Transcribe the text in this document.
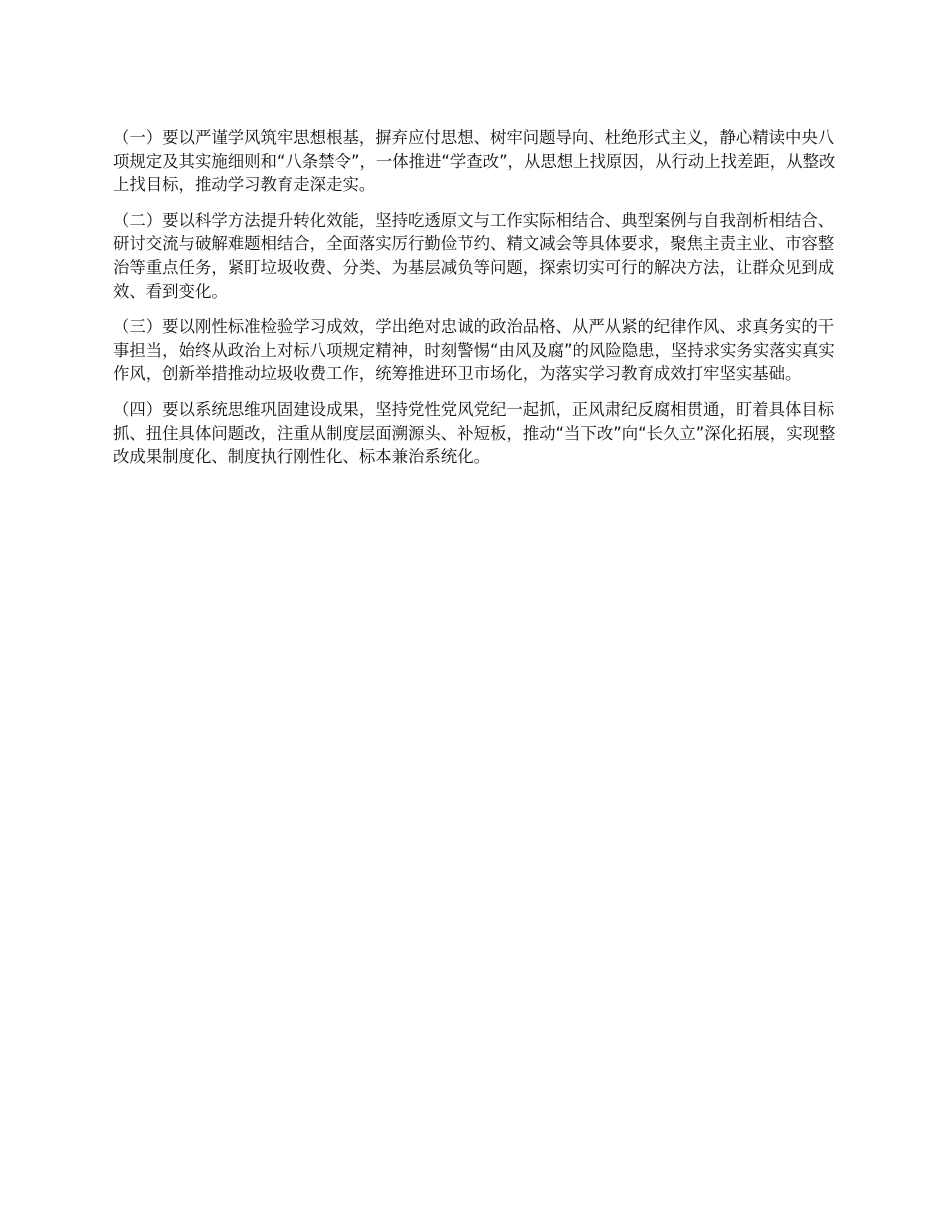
（一）要以严谨学风筑牢思想根基，摒弃应付思想、树牢问题导向、杜绝形式主义，静心精读中央八项规定及其实施细则和“八条禁令”，一体推进“学查改”，从思想上找原因，从行动上找差距，从整改上找目标，推动学习教育走深走实。

（二）要以科学方法提升转化效能，坚持吃透原文与工作实际相结合、典型案例与自我剖析相结合、研讨交流与破解难题相结合，全面落实厉行勤俭节约、精文减会等具体要求，聚焦主责主业、市容整治等重点任务，紧盯垃圾收费、分类、为基层减负等问题，探索切实可行的解决方法，让群众见到成效、看到变化。

（三）要以刚性标准检验学习成效，学出绝对忠诚的政治品格、从严从紧的纪律作风、求真务实的干事担当，始终从政治上对标八项规定精神，时刻警惕“由风及腐”的风险隐患，坚持求实务实落实真实作风，创新举措推动垃圾收费工作，统筹推进环卫市场化，为落实学习教育成效打牢坚实基础。

（四）要以系统思维巩固建设成果，坚持党性党风党纪一起抓，正风肃纪反腐相贯通，盯着具体目标抓、扭住具体问题改，注重从制度层面溯源头、补短板，推动“当下改”向“长久立”深化拓展，实现整改成果制度化、制度执行刚性化、标本兼治系统化。
